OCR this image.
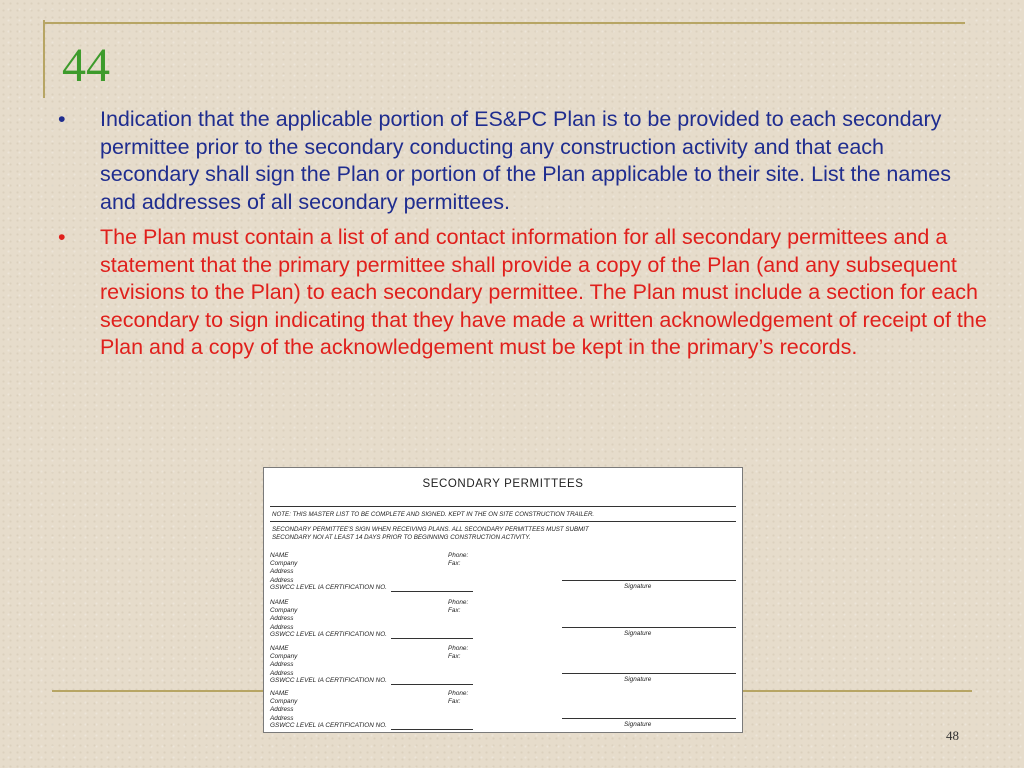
44
• Indication that the applicable portion of ES&PC Plan is to be provided to each secondary permittee prior to the secondary conducting any construction activity and that each secondary shall sign the Plan or portion of the Plan applicable to their site. List the names and addresses of all secondary permittees.
• The Plan must contain a list of and contact information for all secondary permittees and a statement that the primary permittee shall provide a copy of the Plan (and any subsequent revisions to the Plan) to each secondary permittee. The Plan must include a section for each secondary to sign indicating that they have made a written acknowledgement of receipt of the Plan and a copy of the acknowledgement must be kept in the primary’s records.
SECONDARY PERMITTEES
NOTE: THIS MASTER LIST TO BE COMPLETE AND SIGNED. KEPT IN THE ON SITE CONSTRUCTION TRAILER.
SECONDARY PERMITTEE'S SIGN WHEN RECEIVING PLANS. ALL SECONDARY PERMITTEES MUST SUBMIT
SECONDARY NOI AT LEAST 14 DAYS PRIOR TO BEGINNING CONSTRUCTION ACTIVITY.
NAME
Company
Address
Address
Phone:
Fax:
GSWCC LEVEL IA CERTIFICATION NO.	Signature
NAME
Company
Address
Address
Phone:
Fax:
GSWCC LEVEL IA CERTIFICATION NO.	Signature
NAME
Company
Address
Address
Phone:
Fax:
GSWCC LEVEL IA CERTIFICATION NO.	Signature
NAME
Company
Address
Address
Phone:
Fax:
GSWCC LEVEL IA CERTIFICATION NO.	Signature
48
